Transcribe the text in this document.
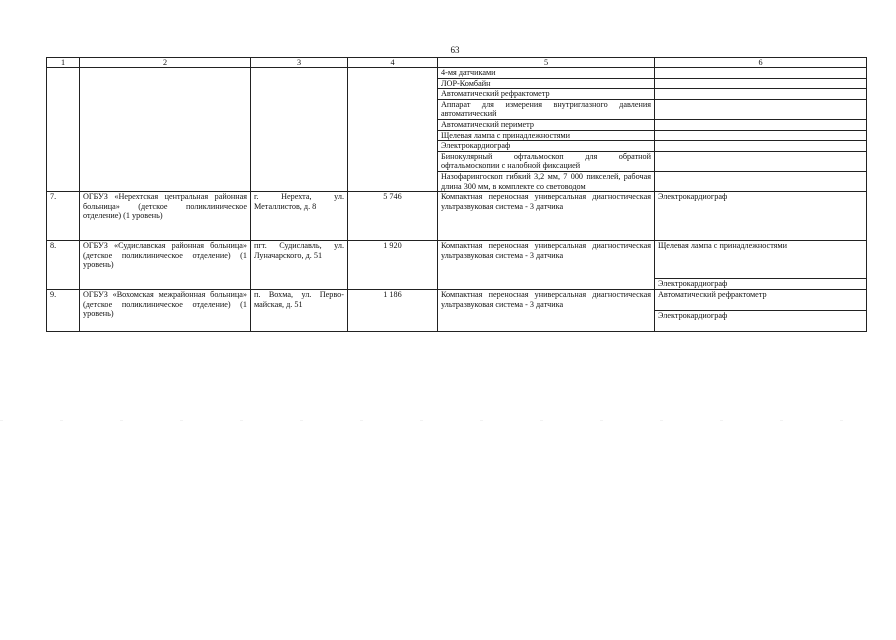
63
1	2	3	4	5	6
				4-мя датчиками	
				ЛОР-Комбайн	
				Автоматический рефрактометр	
				Аппарат для измерения внутриглазного давления автоматический	
				Автоматический периметр	
				Щелевая лампа с принадлежностями	
				Электрокардиограф	
				Бинокулярный офтальмоскоп для обратной офтальмоскопии с налобной фиксацией	
				Назофарингоскоп гибкий 3,2 мм, 7 000 пикселей, рабочая длина 300 мм, в комплекте со световодом	
7.	ОГБУЗ «Нерехтская центральная районная больница» (детское поликлиническое отделение) (1 уровень)	г. Нерехта, ул. Металлистов, д. 8	5 746	Компактная переносная универсальная диагностическая ультразвуковая система - 3 датчика	Электрокардиограф
8.	ОГБУЗ «Судиславская районная больница» (детское поликлиническое отделение) (1 уровень)	пгт. Судиславль, ул. Луначарского, д. 51	1 920	Компактная переносная универсальная диагностическая ультразвуковая система - 3 датчика	Щелевая лампа с принадлежностями
					Электрокардиограф
9.	ОГБУЗ «Вохомская межрайонная больница» (детское поликлиническое отделение) (1 уровень)	п. Вохма, ул. Перво-майская, д. 51	1 186	Компактная переносная универсальная диагностическая ультразвуковая система - 3 датчика	Автоматический рефрактометр
					Электрокардиограф
